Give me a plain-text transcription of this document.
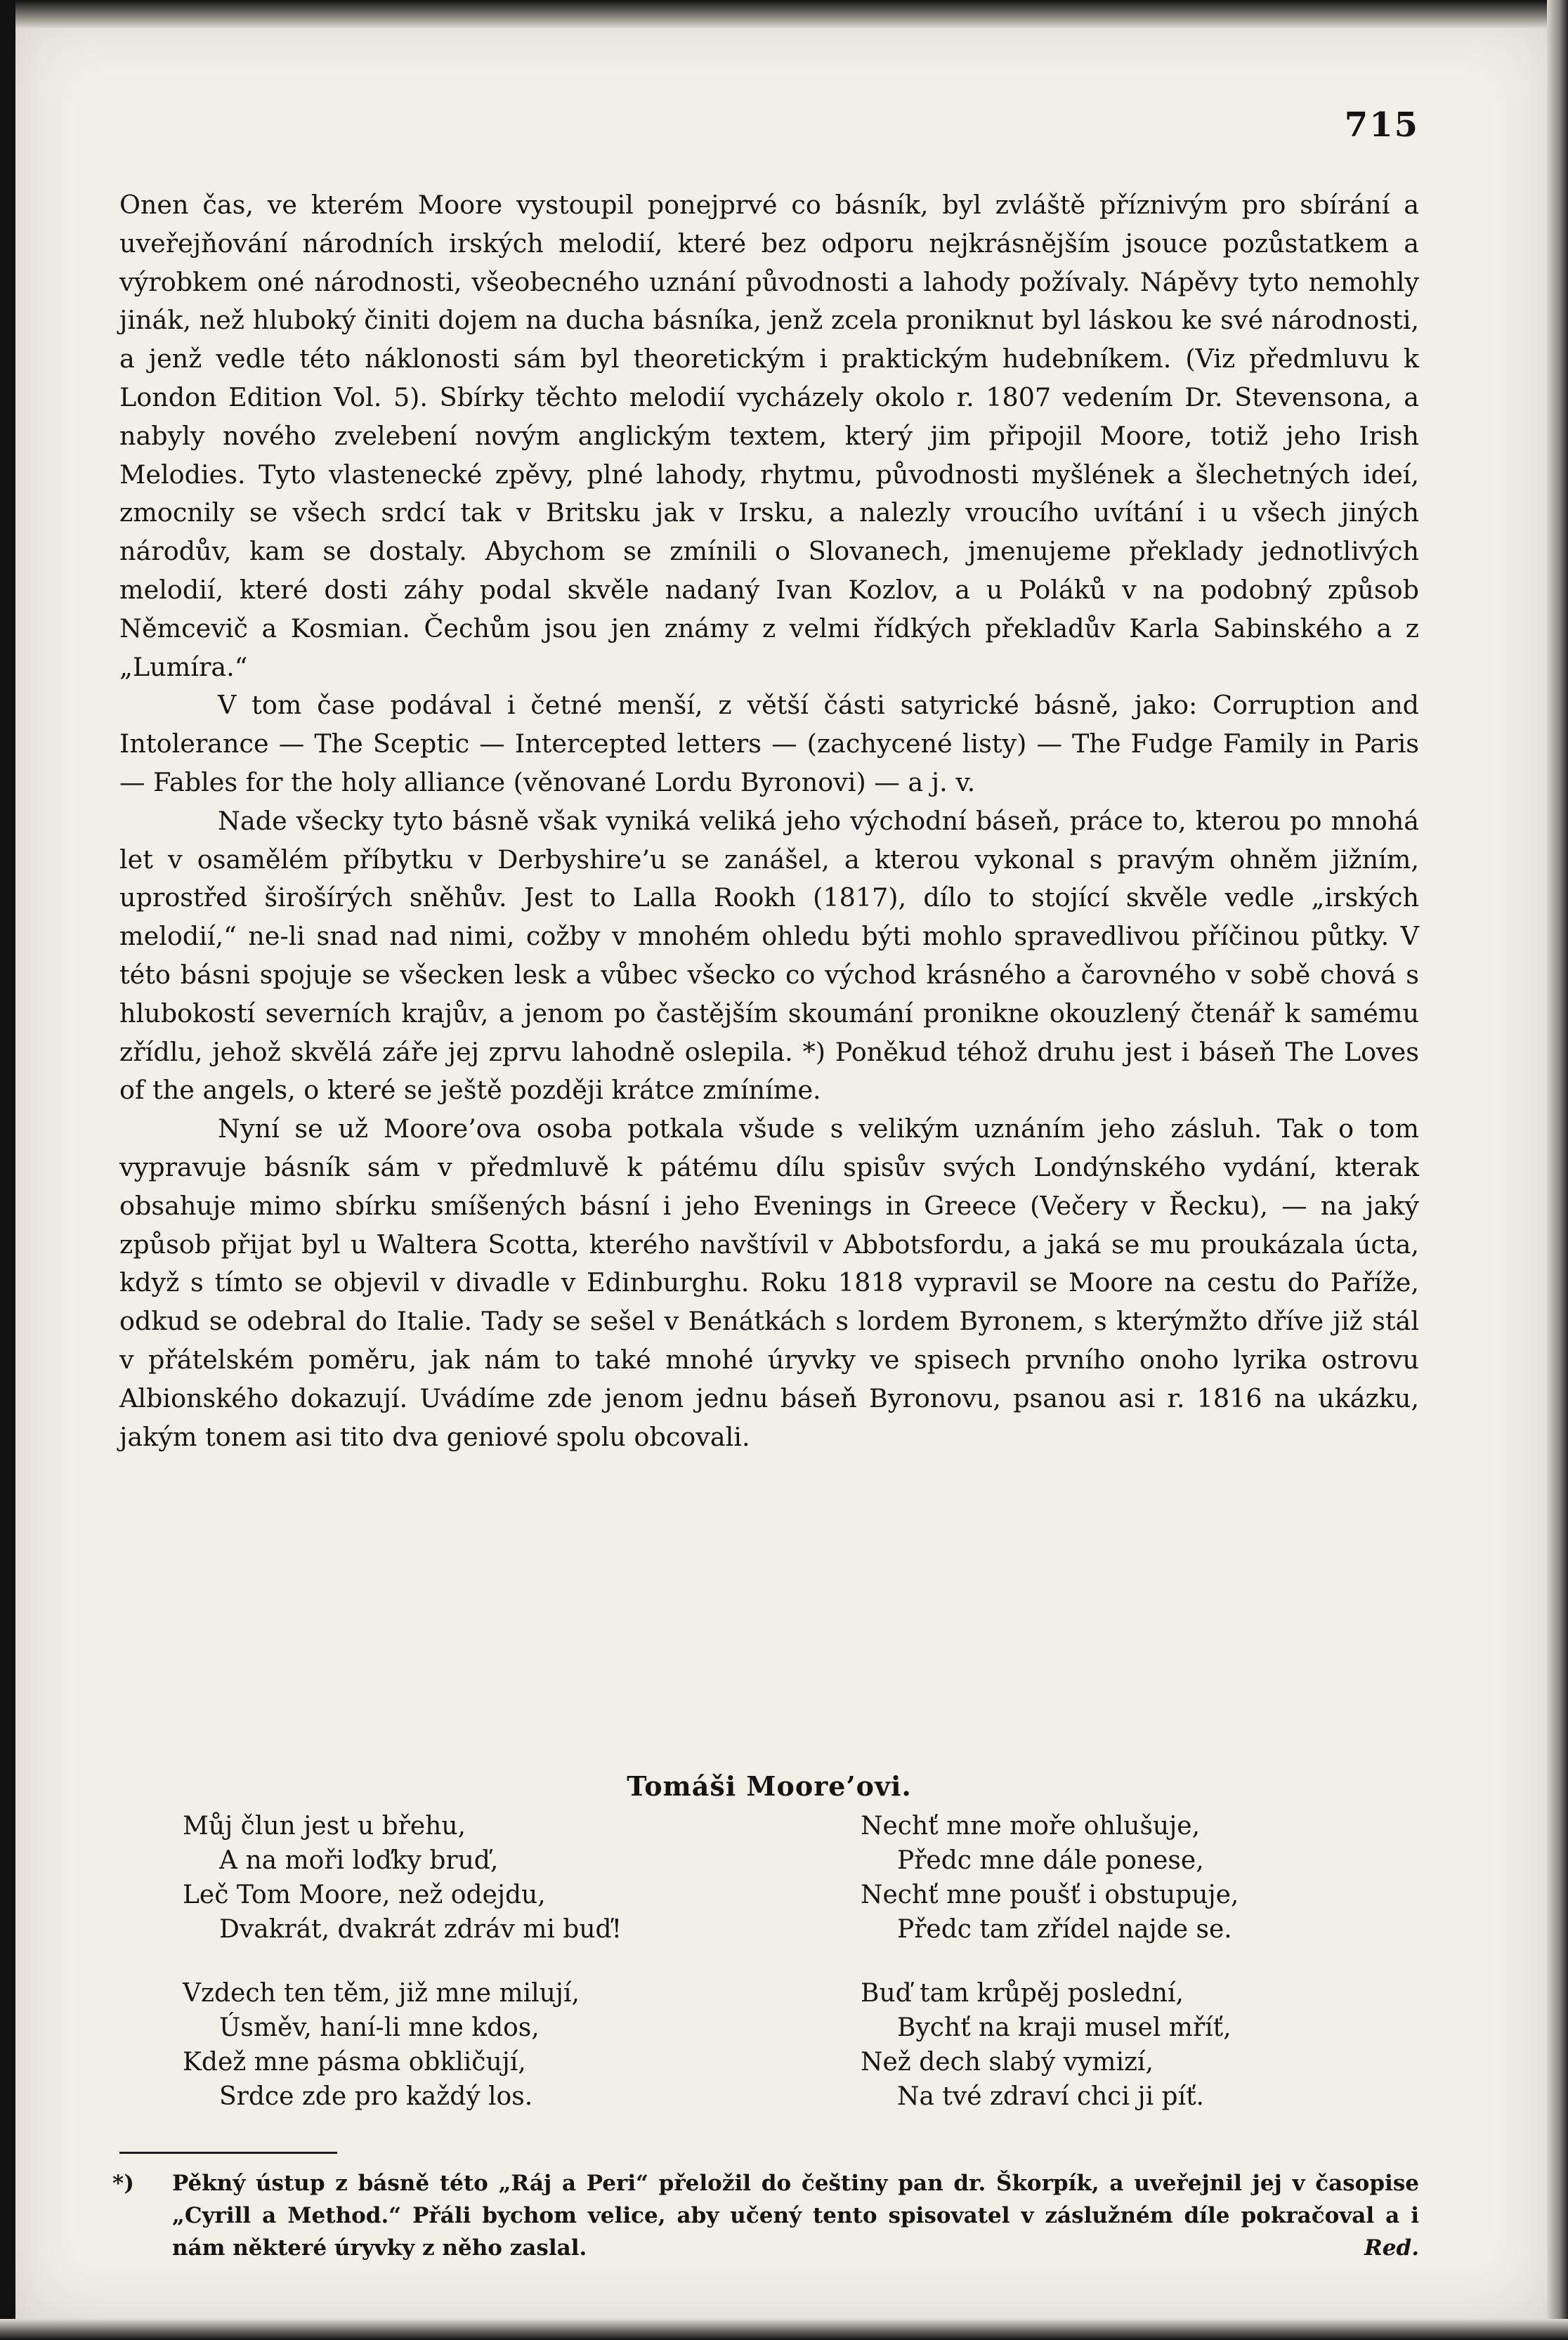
715

Onen čas, ve kterém Moore vystoupil ponejprvé co básník, byl zvláště příznivým pro sbírání a uveřejňování národních irských melodií, které bez odporu nejkrásnějším jsouce pozůstatkem a výrobkem oné národnosti, všeobecného uznání původnosti a lahody požívaly. Nápěvy tyto nemohly jinák, než hluboký činiti dojem na ducha básníka, jenž zcela proniknut byl láskou ke své národnosti, a jenž vedle této náklonosti sám byl theoretickým i praktickým hudebníkem. (Viz předmluvu k London Edition Vol. 5). Sbírky těchto melodií vycházely okolo r. 1807 vedením Dr. Stevensona, a nabyly nového zvelebení novým anglickým textem, který jim připojil Moore, totiž jeho Irish Melodies. Tyto vlastenecké zpěvy, plné lahody, rhytmu, původnosti myšlének a šlechetných ideí, zmocnily se všech srdcí tak v Britsku jak v Irsku, a nalezly vroucího uvítání i u všech jiných národův, kam se dostaly. Abychom se zmínili o Slovanech, jmenujeme překlady jednotlivých melodií, které dosti záhy podal skvěle nadaný Ivan Kozlov, a u Poláků v na podobný způsob Němcevič a Kosmian. Čechům jsou jen známy z velmi řídkých překladův Karla Sabinského a z „Lumíra.“

V tom čase podával i četné menší, z větší části satyrické básně, jako: Corruption and Intolerance — The Sceptic — Intercepted letters — (zachycené listy) — The Fudge Family in Paris — Fables for the holy alliance (věnované Lordu Byronovi) — a j. v.

Nade všecky tyto básně však vyniká veliká jeho východní báseň, práce to, kterou po mnohá let v osamělém příbytku v Derbyshire’u se zanášel, a kterou vykonal s pravým ohněm jižním, uprostřed širošírých sněhův. Jest to Lalla Rookh (1817), dílo to stojící skvěle vedle „irských melodií,“ ne-li snad nad nimi, cožby v mnohém ohledu býti mohlo spravedlivou příčinou půtky. V této básni spojuje se všecken lesk a vůbec všecko co východ krásného a čarovného v sobě chová s hlubokostí severních krajův, a jenom po častějším skoumání pronikne okouzlený čtenář k samému zřídlu, jehož skvělá záře jej zprvu lahodně oslepila. *) Poněkud téhož druhu jest i báseň The Loves of the angels, o které se ještě později krátce zmíníme.

Nyní se už Moore’ova osoba potkala všude s velikým uznáním jeho zásluh. Tak o tom vypravuje básník sám v předmluvě k pátému dílu spisův svých Londýnského vydání, kterak obsahuje mimo sbírku smíšených básní i jeho Evenings in Greece (Večery v Řecku), — na jaký způsob přijat byl u Waltera Scotta, kterého navštívil v Abbotsfordu, a jaká se mu proukázala úcta, když s tímto se objevil v divadle v Edinburghu. Roku 1818 vypravil se Moore na cestu do Paříže, odkud se odebral do Italie. Tady se sešel v Benátkách s lordem Byronem, s kterýmžto dříve již stál v přátelském poměru, jak nám to také mnohé úryvky ve spisech prvního onoho lyrika ostrovu Albionského dokazují. Uvádíme zde jenom jednu báseň Byronovu, psanou asi r. 1816 na ukázku, jakým tonem asi tito dva geniové spolu obcovali.

Tomáši Moore’ovi.
Můj člun jest u břehu,
A na moři loďky bruď,
Leč Tom Moore, než odejdu,
Dvakrát, dvakrát zdráv mi buď!
Vzdech ten těm, již mne milují,
Úsměv, haní-li mne kdos,
Kdež mne pásma obkličují,
Srdce zde pro každý los.
Nechť mne moře ohlušuje,
Předc mne dále ponese,
Nechť mne poušť i obstupuje,
Předc tam zřídel najde se.
Buď tam krůpěj poslední,
Bychť na kraji musel mříť,
Než dech slabý vymizí,
Na tvé zdraví chci ji píť.
*) Pěkný ústup z básně této „Ráj a Peri“ přeložil do češtiny pan dr. Škorpík, a uveřejnil jej v časopise „Cyrill a Method.“ Přáli bychom velice, aby učený tento spisovatel v záslužném díle pokračoval a i nám některé úryvky z něho zaslal.	Red.
